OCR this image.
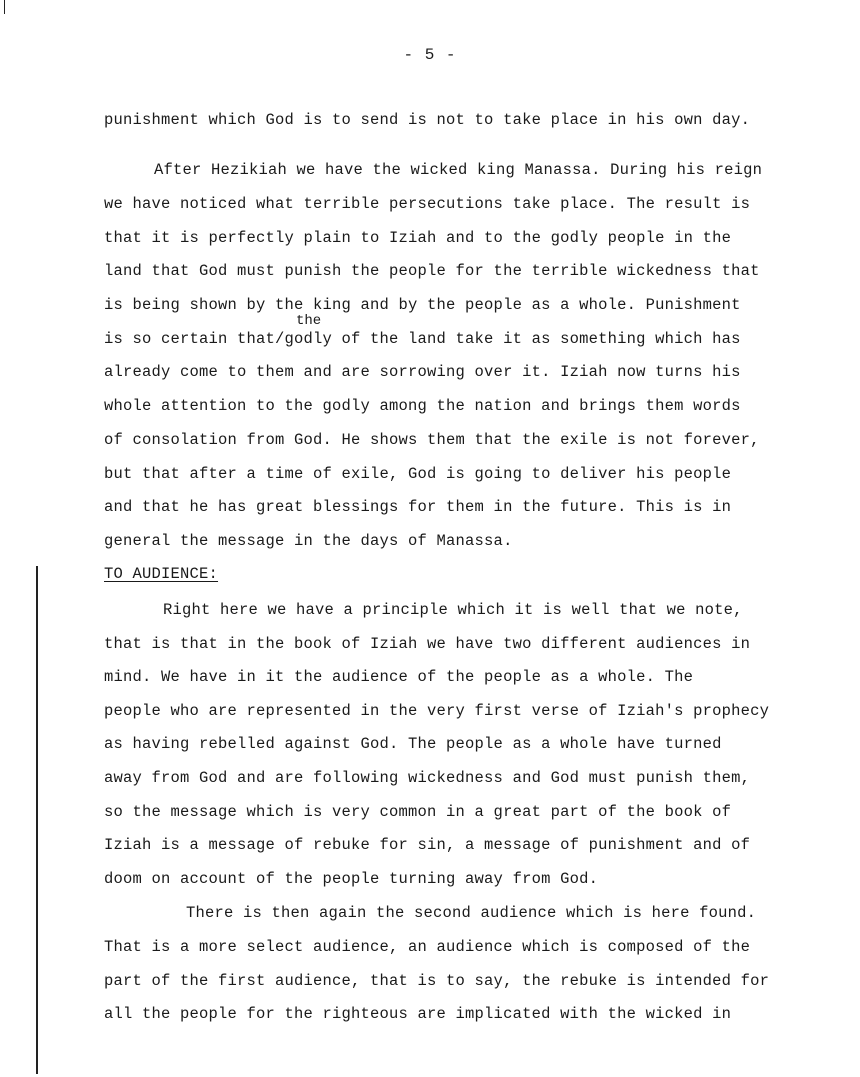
- 5 -
punishment which God is to send is not to take place in his own day.
After Hezikiah we have the wicked king Manassa. During his reign
we have noticed what terrible persecutions take place. The result is
that it is perfectly plain to Iziah and to the godly people in the
land that God must punish the people for the terrible wickedness that
is being shown by the king and by the people as a whole. Punishment
the
is so certain that/godly of the land take it as something which has
already come to them and are sorrowing over it. Iziah now turns his
whole attention to the godly among the nation and brings them words
of consolation from God. He shows them that the exile is not forever,
but that after a time of exile, God is going to deliver his people
and that he has great blessings for them in the future. This is in
general the message in the days of Manassa.
TO AUDIENCE:
Right here we have a principle which it is well that we note,
that is that in the book of Iziah we have two different audiences in
mind. We have in it the audience of the people as a whole. The
people who are represented in the very first verse of Iziah's prophecy
as having rebelled against God. The people as a whole have turned
away from God and are following wickedness and God must punish them,
so the message which is very common in a great part of the book of
Iziah is a message of rebuke for sin, a message of punishment and of
doom on account of the people turning away from God.
There is then again the second audience which is here found.
That is a more select audience, an audience which is composed of the
part of the first audience, that is to say, the rebuke is intended for
all the people for the righteous are implicated with the wicked in
